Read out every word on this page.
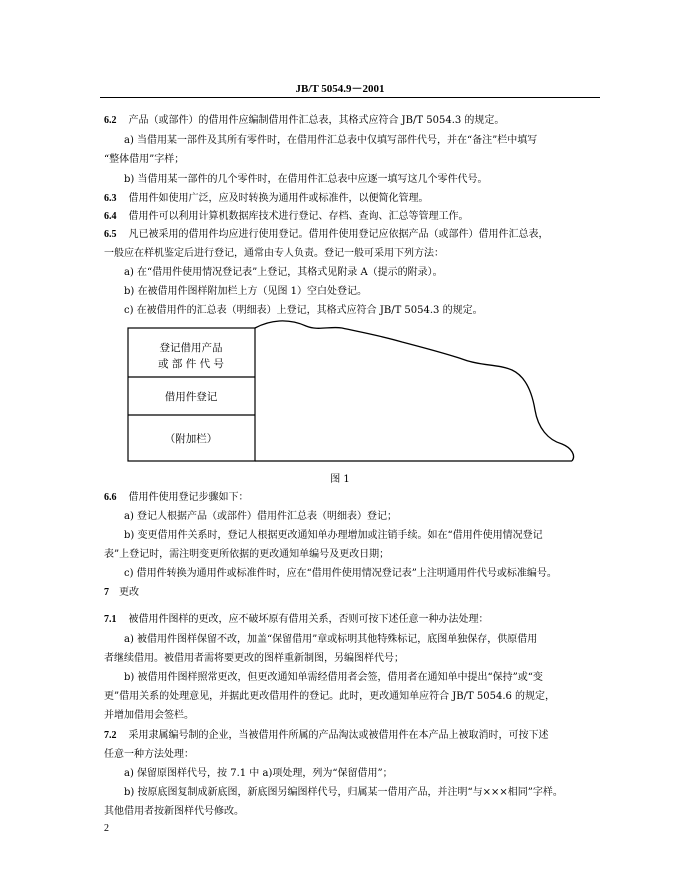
JB/T 5054.9－2001
6.2 产品（或部件）的借用件应编制借用件汇总表，其格式应符合 JB/T 5054.3 的规定。
a) 当借用某一部件及其所有零件时，在借用件汇总表中仅填写部件代号，并在“备注”栏中填写
“整体借用”字样；
b) 当借用某一部件的几个零件时，在借用件汇总表中应逐一填写这几个零件代号。
6.3 借用件如使用广泛，应及时转换为通用件或标准件，以便简化管理。
6.4 借用件可以利用计算机数据库技术进行登记、存档、查询、汇总等管理工作。
6.5 凡已被采用的借用件均应进行使用登记。借用件使用登记应依据产品（或部件）借用件汇总表，
一般应在样机鉴定后进行登记，通常由专人负责。登记一般可采用下列方法：
a) 在“借用件使用情况登记表”上登记，其格式见附录 A（提示的附录）。
b) 在被借用件图样附加栏上方（见图 1）空白处登记。
c) 在被借用件的汇总表（明细表）上登记，其格式应符合 JB/T 5054.3 的规定。
登记借用产品
或 部 件 代 号
借用件登记
（附加栏）
图 1
6.6 借用件使用登记步骤如下：
a) 登记人根据产品（或部件）借用件汇总表（明细表）登记；
b) 变更借用件关系时，登记人根据更改通知单办理增加或注销手续。如在“借用件使用情况登记
表”上登记时，需注明变更所依据的更改通知单编号及更改日期；
c) 借用件转换为通用件或标准件时，应在“借用件使用情况登记表”上注明通用件代号或标准编号。
7 更改
7.1 被借用件图样的更改，应不破坏原有借用关系，否则可按下述任意一种办法处理：
a) 被借用件图样保留不改，加盖“保留借用”章或标明其他特殊标记，底图单独保存，供原借用
者继续借用。被借用者需将要更改的图样重新制图，另编图样代号；
b) 被借用件图样照常更改，但更改通知单需经借用者会签，借用者在通知单中提出“保持”或“变
更”借用关系的处理意见，并据此更改借用件的登记。此时，更改通知单应符合 JB/T 5054.6 的规定，
并增加借用会签栏。
7.2 采用隶属编号制的企业，当被借用件所属的产品淘汰或被借用件在本产品上被取消时，可按下述
任意一种方法处理：
a) 保留原图样代号，按 7.1 中 a)项处理，列为“保留借用”；
b) 按原底图复制成新底图，新底图另编图样代号，归属某一借用产品，并注明“与×××相同”字样。
其他借用者按新图样代号修改。
2
